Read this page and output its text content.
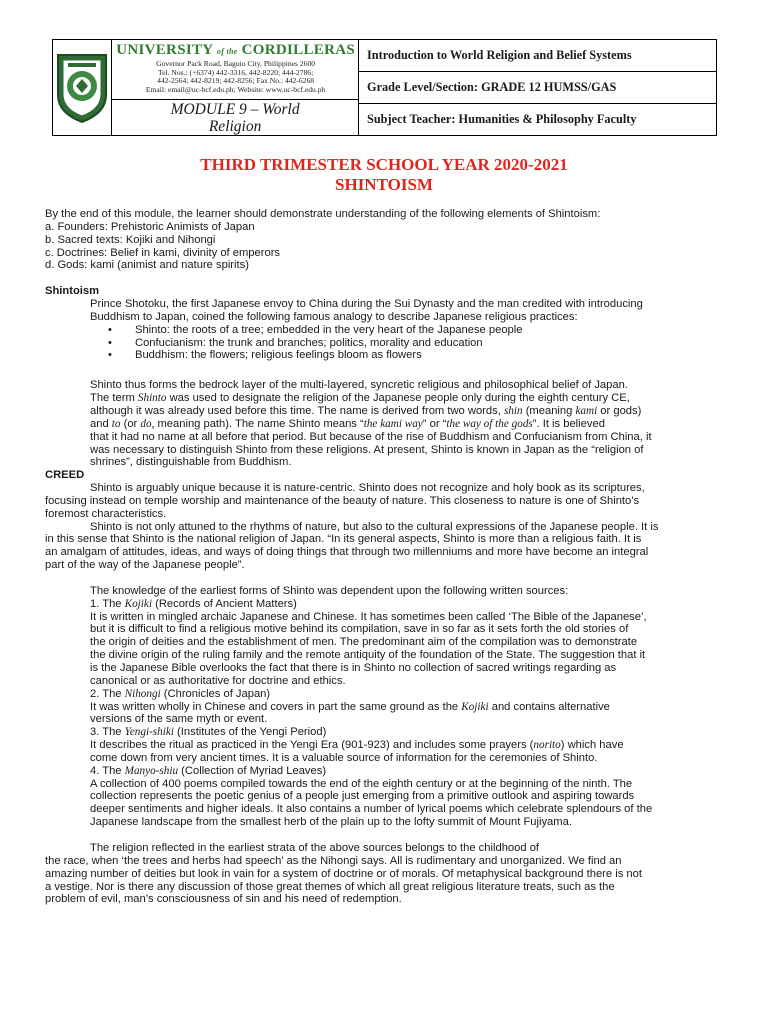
UNIVERSITY of the CORDILLERAS
Governor Pack Road, Baguio City, Philippines 2600
Tel. Nos.: (+6374) 442-3316, 442-8220; 444-2786;
442-2564; 442-8219; 442-8256; Fax No.: 442-6268
Email: email@uc-bcf.edu.ph; Website: www.uc-bcf.edu.ph
MODULE 9 – World
Religion
Introduction to World Religion and Belief Systems
Grade Level/Section: GRADE 12 HUMSS/GAS
Subject Teacher: Humanities & Philosophy Faculty
THIRD TRIMESTER SCHOOL YEAR 2020-2021
SHINTOISM

By the end of this module, the learner should demonstrate understanding of the following elements of Shintoism:

a. Founders: Prehistoric Animists of Japan

b. Sacred texts: Kojiki and Nihongi

c. Doctrines: Belief in kami, divinity of emperors

d. Gods: kami (animist and nature spirits)

Shintoism

Prince Shotoku, the first Japanese envoy to China during the Sui Dynasty and the man credited with introducing

Buddhism to Japan, coined the following famous analogy to describe Japanese religious practices:

• Shinto: the roots of a tree; embedded in the very heart of the Japanese people

• Confucianism: the trunk and branches; politics, morality and education

• Buddhism: the flowers; religious feelings bloom as flowers

Shinto thus forms the bedrock layer of the multi-layered, syncretic religious and philosophical belief of Japan.

The term Shinto was used to designate the religion of the Japanese people only during the eighth century CE,

although it was already used before this time. The name is derived from two words, shin (meaning kami or gods)

and to (or do, meaning path). The name Shinto means “the kami way” or “the way of the gods”. It is believed

that it had no name at all before that period. But because of the rise of Buddhism and Confucianism from China, it

was necessary to distinguish Shinto from these religions. At present, Shinto is known in Japan as the “religion of

shrines”, distinguishable from Buddhism.

CREED

Shinto is arguably unique because it is nature-centric. Shinto does not recognize and holy book as its scriptures,

focusing instead on temple worship and maintenance of the beauty of nature. This closeness to nature is one of Shinto’s

foremost characteristics.

Shinto is not only attuned to the rhythms of nature, but also to the cultural expressions of the Japanese people. It is

in this sense that Shinto is the national religion of Japan. “In its general aspects, Shinto is more than a religious faith. It is

an amalgam of attitudes, ideas, and ways of doing things that through two millenniums and more have become an integral

part of the way of the Japanese people”.

The knowledge of the earliest forms of Shinto was dependent upon the following written sources:

1. The Kojiki (Records of Ancient Matters)

It is written in mingled archaic Japanese and Chinese. It has sometimes been called ‘The Bible of the Japanese’,

but it is difficult to find a religious motive behind its compilation, save in so far as it sets forth the old stories of

the origin of deities and the establishment of men. The predominant aim of the compilation was to demonstrate

the divine origin of the ruling family and the remote antiquity of the foundation of the State. The suggestion that it

is the Japanese Bible overlooks the fact that there is in Shinto no collection of sacred writings regarding as

canonical or as authoritative for doctrine and ethics.

2. The Nihongi (Chronicles of Japan)

It was written wholly in Chinese and covers in part the same ground as the Kojiki and contains alternative

versions of the same myth or event.

3. The Yengi-shiki (Institutes of the Yengi Period)

It describes the ritual as practiced in the Yengi Era (901-923) and includes some prayers (norito) which have

come down from very ancient times. It is a valuable source of information for the ceremonies of Shinto.

4. The Manyo-shiu (Collection of Myriad Leaves)

A collection of 400 poems compiled towards the end of the eighth century or at the beginning of the ninth. The

collection represents the poetic genius of a people just emerging from a primitive outlook and aspiring towards

deeper sentiments and higher ideals. It also contains a number of lyrical poems which celebrate splendours of the

Japanese landscape from the smallest herb of the plain up to the lofty summit of Mount Fujiyama.

The religion reflected in the earliest strata of the above sources belongs to the childhood of

the race, when ‘the trees and herbs had speech’ as the Nihongi says. All is rudimentary and unorganized. We find an

amazing number of deities but look in vain for a system of doctrine or of morals. Of metaphysical background there is not

a vestige. Nor is there any discussion of those great themes of which all great religious literature treats, such as the

problem of evil, man’s consciousness of sin and his need of redemption.
